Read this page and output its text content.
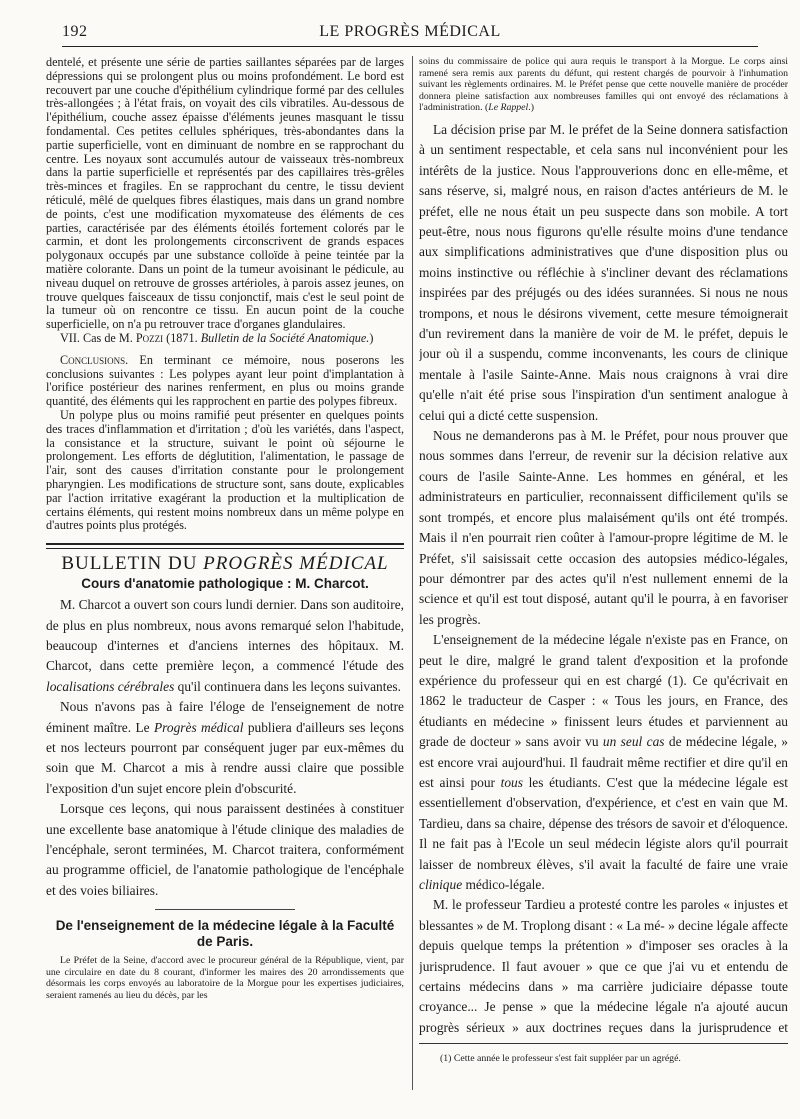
192	LE PROGRÈS MÉDICAL

dentelé, et présente une série de parties saillantes séparées par de larges dépressions qui se prolongent plus ou moins profondément. Le bord est recouvert par une couche d'épithélium cylindrique formé par des cellules très-allongées ; à l'état frais, on voyait des cils vibratiles. Au-dessous de l'épithélium, couche assez épaisse d'éléments jeunes masquant le tissu fondamental. Ces petites cellules sphériques, très-abondantes dans la partie superficielle, vont en diminuant de nombre en se rapprochant du centre. Les noyaux sont accumulés autour de vaisseaux très-nombreux dans la partie superficielle et représentés par des capillaires très-grêles très-minces et fragiles. En se rapprochant du centre, le tissu devient réticulé, mêlé de quelques fibres élastiques, mais dans un grand nombre de points, c'est une modification myxomateuse des éléments de ces parties, caractérisée par des éléments étoilés fortement colorés par le carmin, et dont les prolongements circonscrivent de grands espaces polygonaux occupés par une substance colloïde à peine teintée par la matière colorante. Dans un point de la tumeur avoisinant le pédicule, au niveau duquel on retrouve de grosses artérioles, à parois assez jeunes, on trouve quelques faisceaux de tissu conjonctif, mais c'est le seul point de la tumeur où on rencontre ce tissu. En aucun point de la couche superficielle, on n'a pu retrouver trace d'organes glandulaires.

VII. Cas de M. Pozzi (1871. Bulletin de la Société Anatomique.)

Conclusions. En terminant ce mémoire, nous poserons les conclusions suivantes : Les polypes ayant leur point d'implantation à l'orifice postérieur des narines renferment, en plus ou moins grande quantité, des éléments qui les rapprochent en partie des polypes fibreux.

Un polype plus ou moins ramifié peut présenter en quelques points des traces d'inflammation et d'irritation ; d'où les variétés, dans l'aspect, la consistance et la structure, suivant le point où séjourne le prolongement. Les efforts de déglutition, l'alimentation, le passage de l'air, sont des causes d'irritation constante pour le prolongement pharyngien. Les modifications de structure sont, sans doute, explicables par l'action irritative exagérant la production et la multiplication de certains éléments, qui restent moins nombreux dans un même polype en d'autres points plus protégés.

BULLETIN DU PROGRÈS MÉDICAL
Cours d'anatomie pathologique : M. Charcot.

M. Charcot a ouvert son cours lundi dernier. Dans son auditoire, de plus en plus nombreux, nous avons remarqué selon l'habitude, beaucoup d'internes et d'anciens internes des hôpitaux. M. Charcot, dans cette première leçon, a commencé l'étude des localisations cérébrales qu'il continuera dans les leçons suivantes.

Nous n'avons pas à faire l'éloge de l'enseignement de notre éminent maître. Le Progrès médical publiera d'ailleurs ses leçons et nos lecteurs pourront par conséquent juger par eux-mêmes du soin que M. Charcot a mis à rendre aussi claire que possible l'exposition d'un sujet encore plein d'obscurité.

Lorsque ces leçons, qui nous paraissent destinées à constituer une excellente base anatomique à l'étude clinique des maladies de l'encéphale, seront terminées, M. Charcot traitera, conformément au programme officiel, de l'anatomie pathologique de l'encéphale et des voies biliaires.

De l'enseignement de la médecine légale à la Faculté de Paris.

Le Préfet de la Seine, d'accord avec le procureur général de la République, vient, par une circulaire en date du 8 courant, d'informer les maires des 20 arrondissements que désormais les corps envoyés au laboratoire de la Morgue pour les expertises judiciaires, seraient ramenés au lieu du décès, par les

soins du commissaire de police qui aura requis le transport à la Morgue. Le corps ainsi ramené sera remis aux parents du défunt, qui restent chargés de pourvoir à l'inhumation suivant les règlements ordinaires. M. le Préfet pense que cette nouvelle manière de procéder donnera pleine satisfaction aux nombreuses familles qui ont envoyé des réclamations à l'administration. (Le Rappel.)

La décision prise par M. le préfet de la Seine donnera satisfaction à un sentiment respectable, et cela sans nul inconvénient pour les intérêts de la justice. Nous l'approuverions donc en elle-même, et sans réserve, si, malgré nous, en raison d'actes antérieurs de M. le préfet, elle ne nous était un peu suspecte dans son mobile. A tort peut-être, nous nous figurons qu'elle résulte moins d'une tendance aux simplifications administratives que d'une disposition plus ou moins instinctive ou réfléchie à s'incliner devant des réclamations inspirées par des préjugés ou des idées surannées. Si nous ne nous trompons, et nous le désirons vivement, cette mesure témoignerait d'un revirement dans la manière de voir de M. le préfet, depuis le jour où il a suspendu, comme inconvenants, les cours de clinique mentale à l'asile Sainte-Anne. Mais nous craignons à vrai dire qu'elle n'ait été prise sous l'inspiration d'un sentiment analogue à celui qui a dicté cette suspension.

Nous ne demanderons pas à M. le Préfet, pour nous prouver que nous sommes dans l'erreur, de revenir sur la décision relative aux cours de l'asile Sainte-Anne. Les hommes en général, et les administrateurs en particulier, reconnaissent difficilement qu'ils se sont trompés, et encore plus malaisément qu'ils ont été trompés. Mais il n'en pourrait rien coûter à l'amour-propre légitime de M. le Préfet, s'il saisissait cette occasion des autopsies médico-légales, pour démontrer par des actes qu'il n'est nullement ennemi de la science et qu'il est tout disposé, autant qu'il le pourra, à en favoriser les progrès.

L'enseignement de la médecine légale n'existe pas en France, on peut le dire, malgré le grand talent d'exposition et la profonde expérience du professeur qui en est chargé (1). Ce qu'écrivait en 1862 le traducteur de Casper : « Tous les jours, en France, des étudiants en médecine » finissent leurs études et parviennent au grade de docteur » sans avoir vu un seul cas de médecine légale, » est encore vrai aujourd'hui. Il faudrait même rectifier et dire qu'il en est ainsi pour tous les étudiants. C'est que la médecine légale est essentiellement d'observation, d'expérience, et c'est en vain que M. Tardieu, dans sa chaire, dépense des trésors de savoir et d'éloquence. Il ne fait pas à l'Ecole un seul médecin légiste alors qu'il pourrait laisser de nombreux élèves, s'il avait la faculté de faire une vraie clinique médico-légale.

M. le professeur Tardieu a protesté contre les paroles « injustes et blessantes » de M. Troplong disant : « La mé- » decine légale affecte depuis quelque temps la prétention » d'imposer ses oracles à la jurisprudence. Il faut avouer » que ce que j'ai vu et entendu de certains médecins dans » ma carrière judiciaire dépasse toute croyance... Je pense » que la médecine légale n'a ajouté aucun progrès sérieux » aux doctrines reçues dans la jurisprudence et

(1) Cette année le professeur s'est fait suppléer par un agrégé.
